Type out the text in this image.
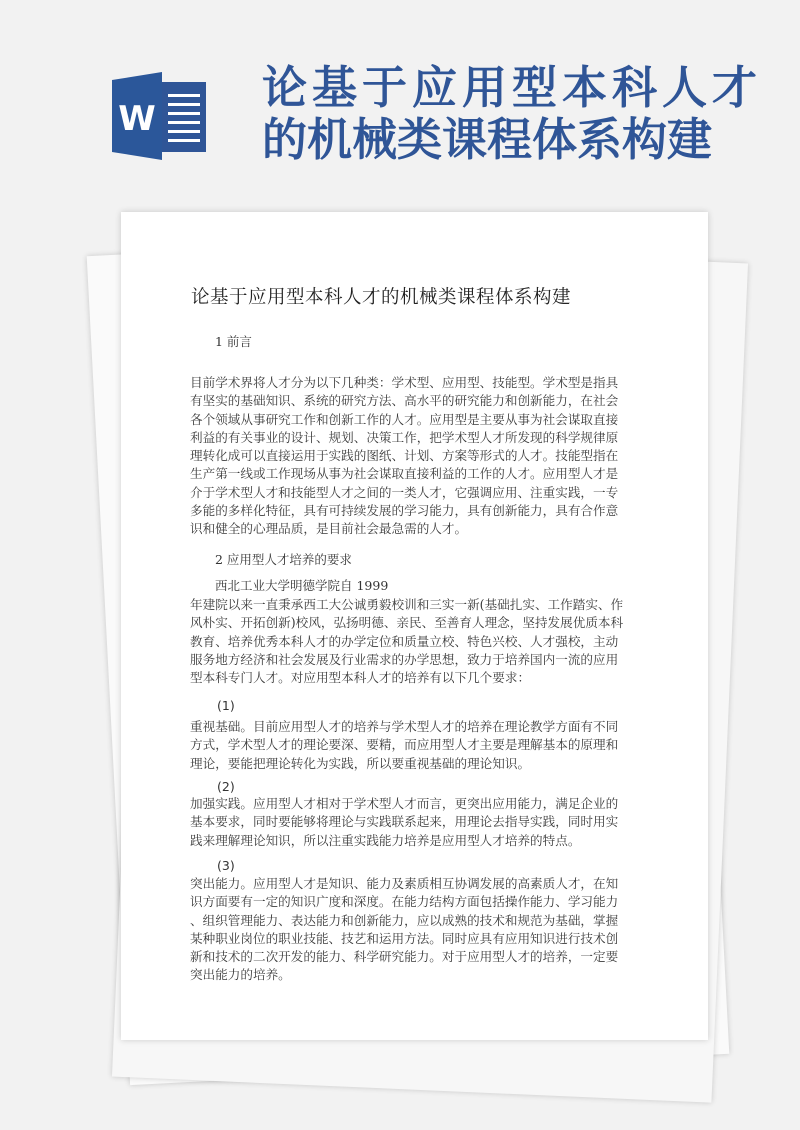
W
论基于应用型本科人才
的机械类课程体系构建
论基于应用型本科人才的机械类课程体系构建
1 前言
目前学术界将人才分为以下几种类：学术型、应用型、技能型。学术型是指具
有坚实的基础知识、系统的研究方法、高水平的研究能力和创新能力，在社会
各个领域从事研究工作和创新工作的人才。应用型是主要从事为社会谋取直接
利益的有关事业的设计、规划、决策工作，把学术型人才所发现的科学规律原
理转化成可以直接运用于实践的图纸、计划、方案等形式的人才。技能型指在
生产第一线或工作现场从事为社会谋取直接利益的工作的人才。应用型人才是
介于学术型人才和技能型人才之间的一类人才，它强调应用、注重实践，一专
多能的多样化特征，具有可持续发展的学习能力，具有创新能力，具有合作意
识和健全的心理品质，是目前社会最急需的人才。
2 应用型人才培养的要求
西北工业大学明德学院自 1999
年建院以来一直秉承西工大公诚勇毅校训和三实一新(基础扎实、工作踏实、作
风朴实、开拓创新)校风，弘扬明德、亲民、至善育人理念，坚持发展优质本科
教育、培养优秀本科人才的办学定位和质量立校、特色兴校、人才强校，主动
服务地方经济和社会发展及行业需求的办学思想，致力于培养国内一流的应用
型本科专门人才。对应用型本科人才的培养有以下几个要求：
(1)
重视基础。目前应用型人才的培养与学术型人才的培养在理论教学方面有不同
方式，学术型人才的理论要深、要精，而应用型人才主要是理解基本的原理和
理论，要能把理论转化为实践，所以要重视基础的理论知识。
(2)
加强实践。应用型人才相对于学术型人才而言，更突出应用能力，满足企业的
基本要求，同时要能够将理论与实践联系起来，用理论去指导实践，同时用实
践来理解理论知识，所以注重实践能力培养是应用型人才培养的特点。
(3)
突出能力。应用型人才是知识、能力及素质相互协调发展的高素质人才，在知
识方面要有一定的知识广度和深度。在能力结构方面包括操作能力、学习能力
、组织管理能力、表达能力和创新能力，应以成熟的技术和规范为基础，掌握
某种职业岗位的职业技能、技艺和运用方法。同时应具有应用知识进行技术创
新和技术的二次开发的能力、科学研究能力。对于应用型人才的培养，一定要
突出能力的培养。
